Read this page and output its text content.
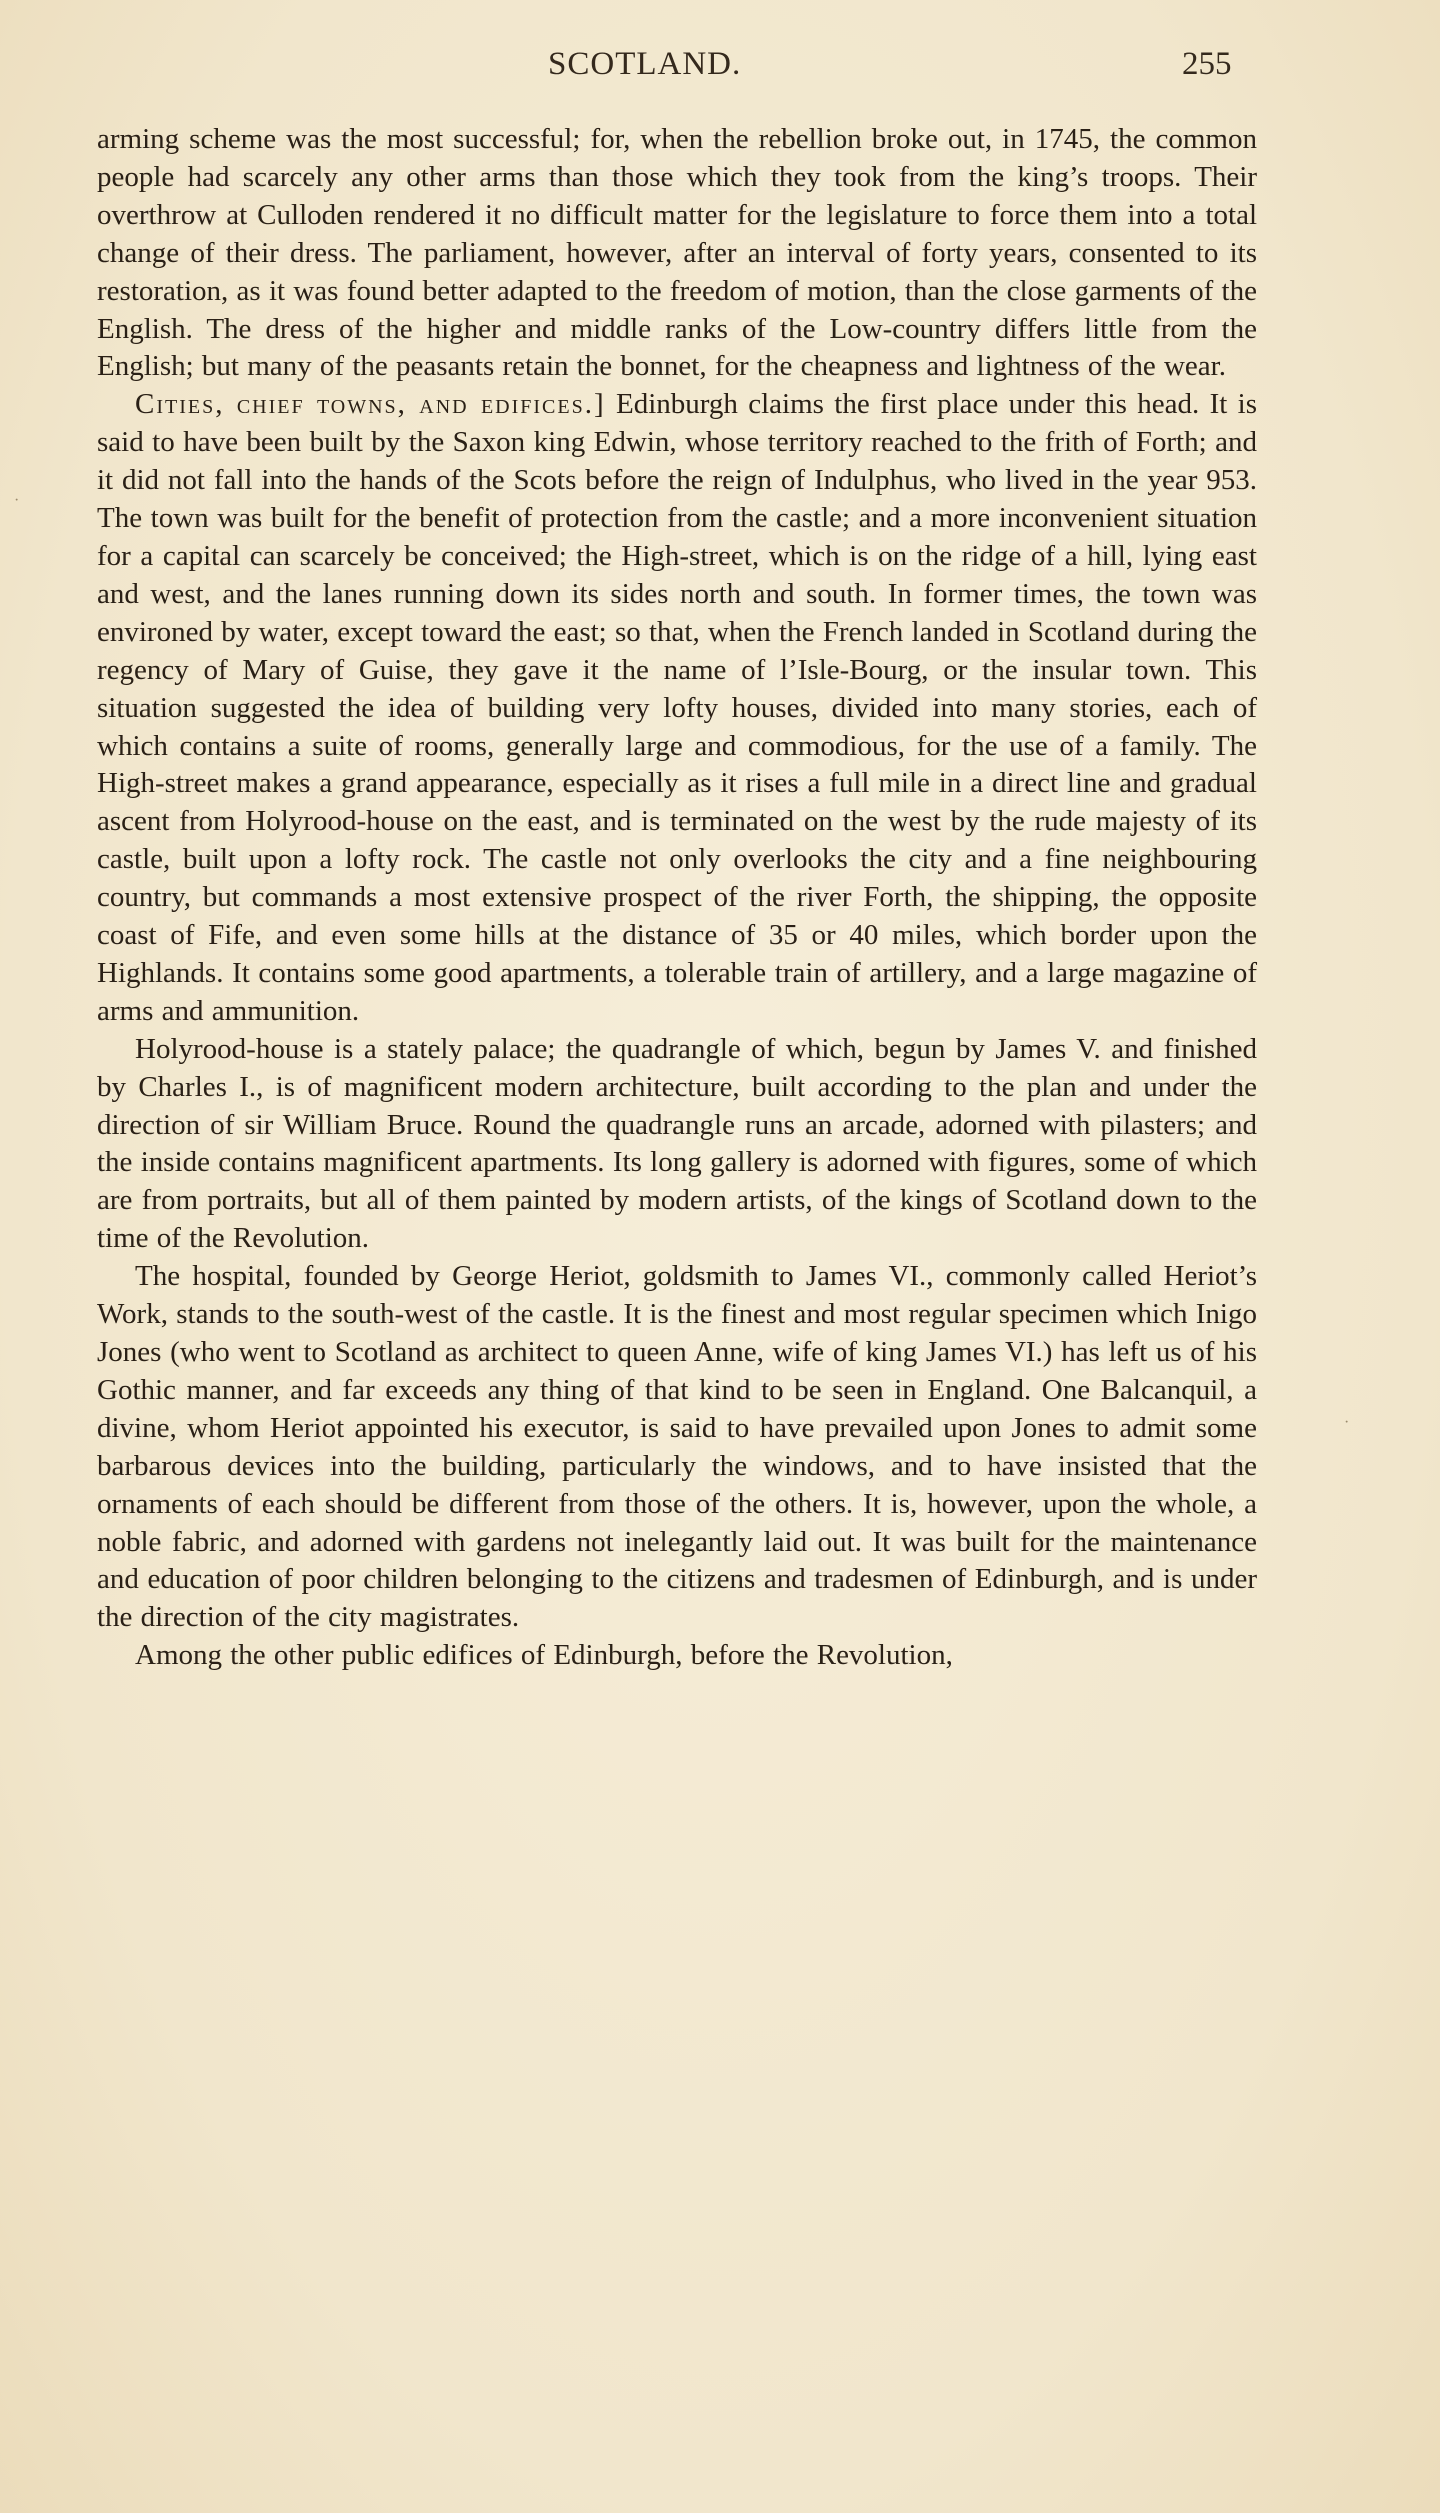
SCOTLAND.	255

arming scheme was the most successful; for, when the rebellion broke out, in 1745, the common people had scarcely any other arms than those which they took from the king’s troops. Their overthrow at Culloden rendered it no difficult matter for the legislature to force them into a total change of their dress. The parliament, however, after an interval of forty years, consented to its restoration, as it was found better adapted to the freedom of motion, than the close garments of the English. The dress of the higher and middle ranks of the Low-country differs little from the English; but many of the peasants retain the bonnet, for the cheapness and lightness of the wear.

Cities, chief towns, and edifices.] Edinburgh claims the first place under this head. It is said to have been built by the Saxon king Edwin, whose territory reached to the frith of Forth; and it did not fall into the hands of the Scots before the reign of Indulphus, who lived in the year 953. The town was built for the benefit of protection from the castle; and a more inconvenient situation for a capital can scarcely be conceived; the High-street, which is on the ridge of a hill, lying east and west, and the lanes running down its sides north and south. In former times, the town was environed by water, except toward the east; so that, when the French landed in Scotland during the regency of Mary of Guise, they gave it the name of l’Isle-Bourg, or the insular town. This situation suggested the idea of building very lofty houses, divided into many stories, each of which contains a suite of rooms, generally large and commodious, for the use of a family. The High-street makes a grand appearance, especially as it rises a full mile in a direct line and gradual ascent from Holyrood-house on the east, and is terminated on the west by the rude majesty of its castle, built upon a lofty rock. The castle not only overlooks the city and a fine neighbouring country, but commands a most extensive prospect of the river Forth, the shipping, the opposite coast of Fife, and even some hills at the distance of 35 or 40 miles, which border upon the Highlands. It contains some good apartments, a tolerable train of artillery, and a large magazine of arms and ammunition.

Holyrood-house is a stately palace; the quadrangle of which, begun by James V. and finished by Charles I., is of magnificent modern architecture, built according to the plan and under the direction of sir William Bruce. Round the quadrangle runs an arcade, adorned with pilasters; and the inside contains magnificent apartments. Its long gallery is adorned with figures, some of which are from portraits, but all of them painted by modern artists, of the kings of Scotland down to the time of the Revolution.

The hospital, founded by George Heriot, goldsmith to James VI., commonly called Heriot’s Work, stands to the south-west of the castle. It is the finest and most regular specimen which Inigo Jones (who went to Scotland as architect to queen Anne, wife of king James VI.) has left us of his Gothic manner, and far exceeds any thing of that kind to be seen in England. One Balcanquil, a divine, whom Heriot appointed his executor, is said to have prevailed upon Jones to admit some barbarous devices into the building, particularly the windows, and to have insisted that the ornaments of each should be different from those of the others. It is, however, upon the whole, a noble fabric, and adorned with gardens not inelegantly laid out. It was built for the maintenance and education of poor children belonging to the citizens and tradesmen of Edinburgh, and is under the direction of the city magistrates.

Among the other public edifices of Edinburgh, before the Revolution,

·
·
